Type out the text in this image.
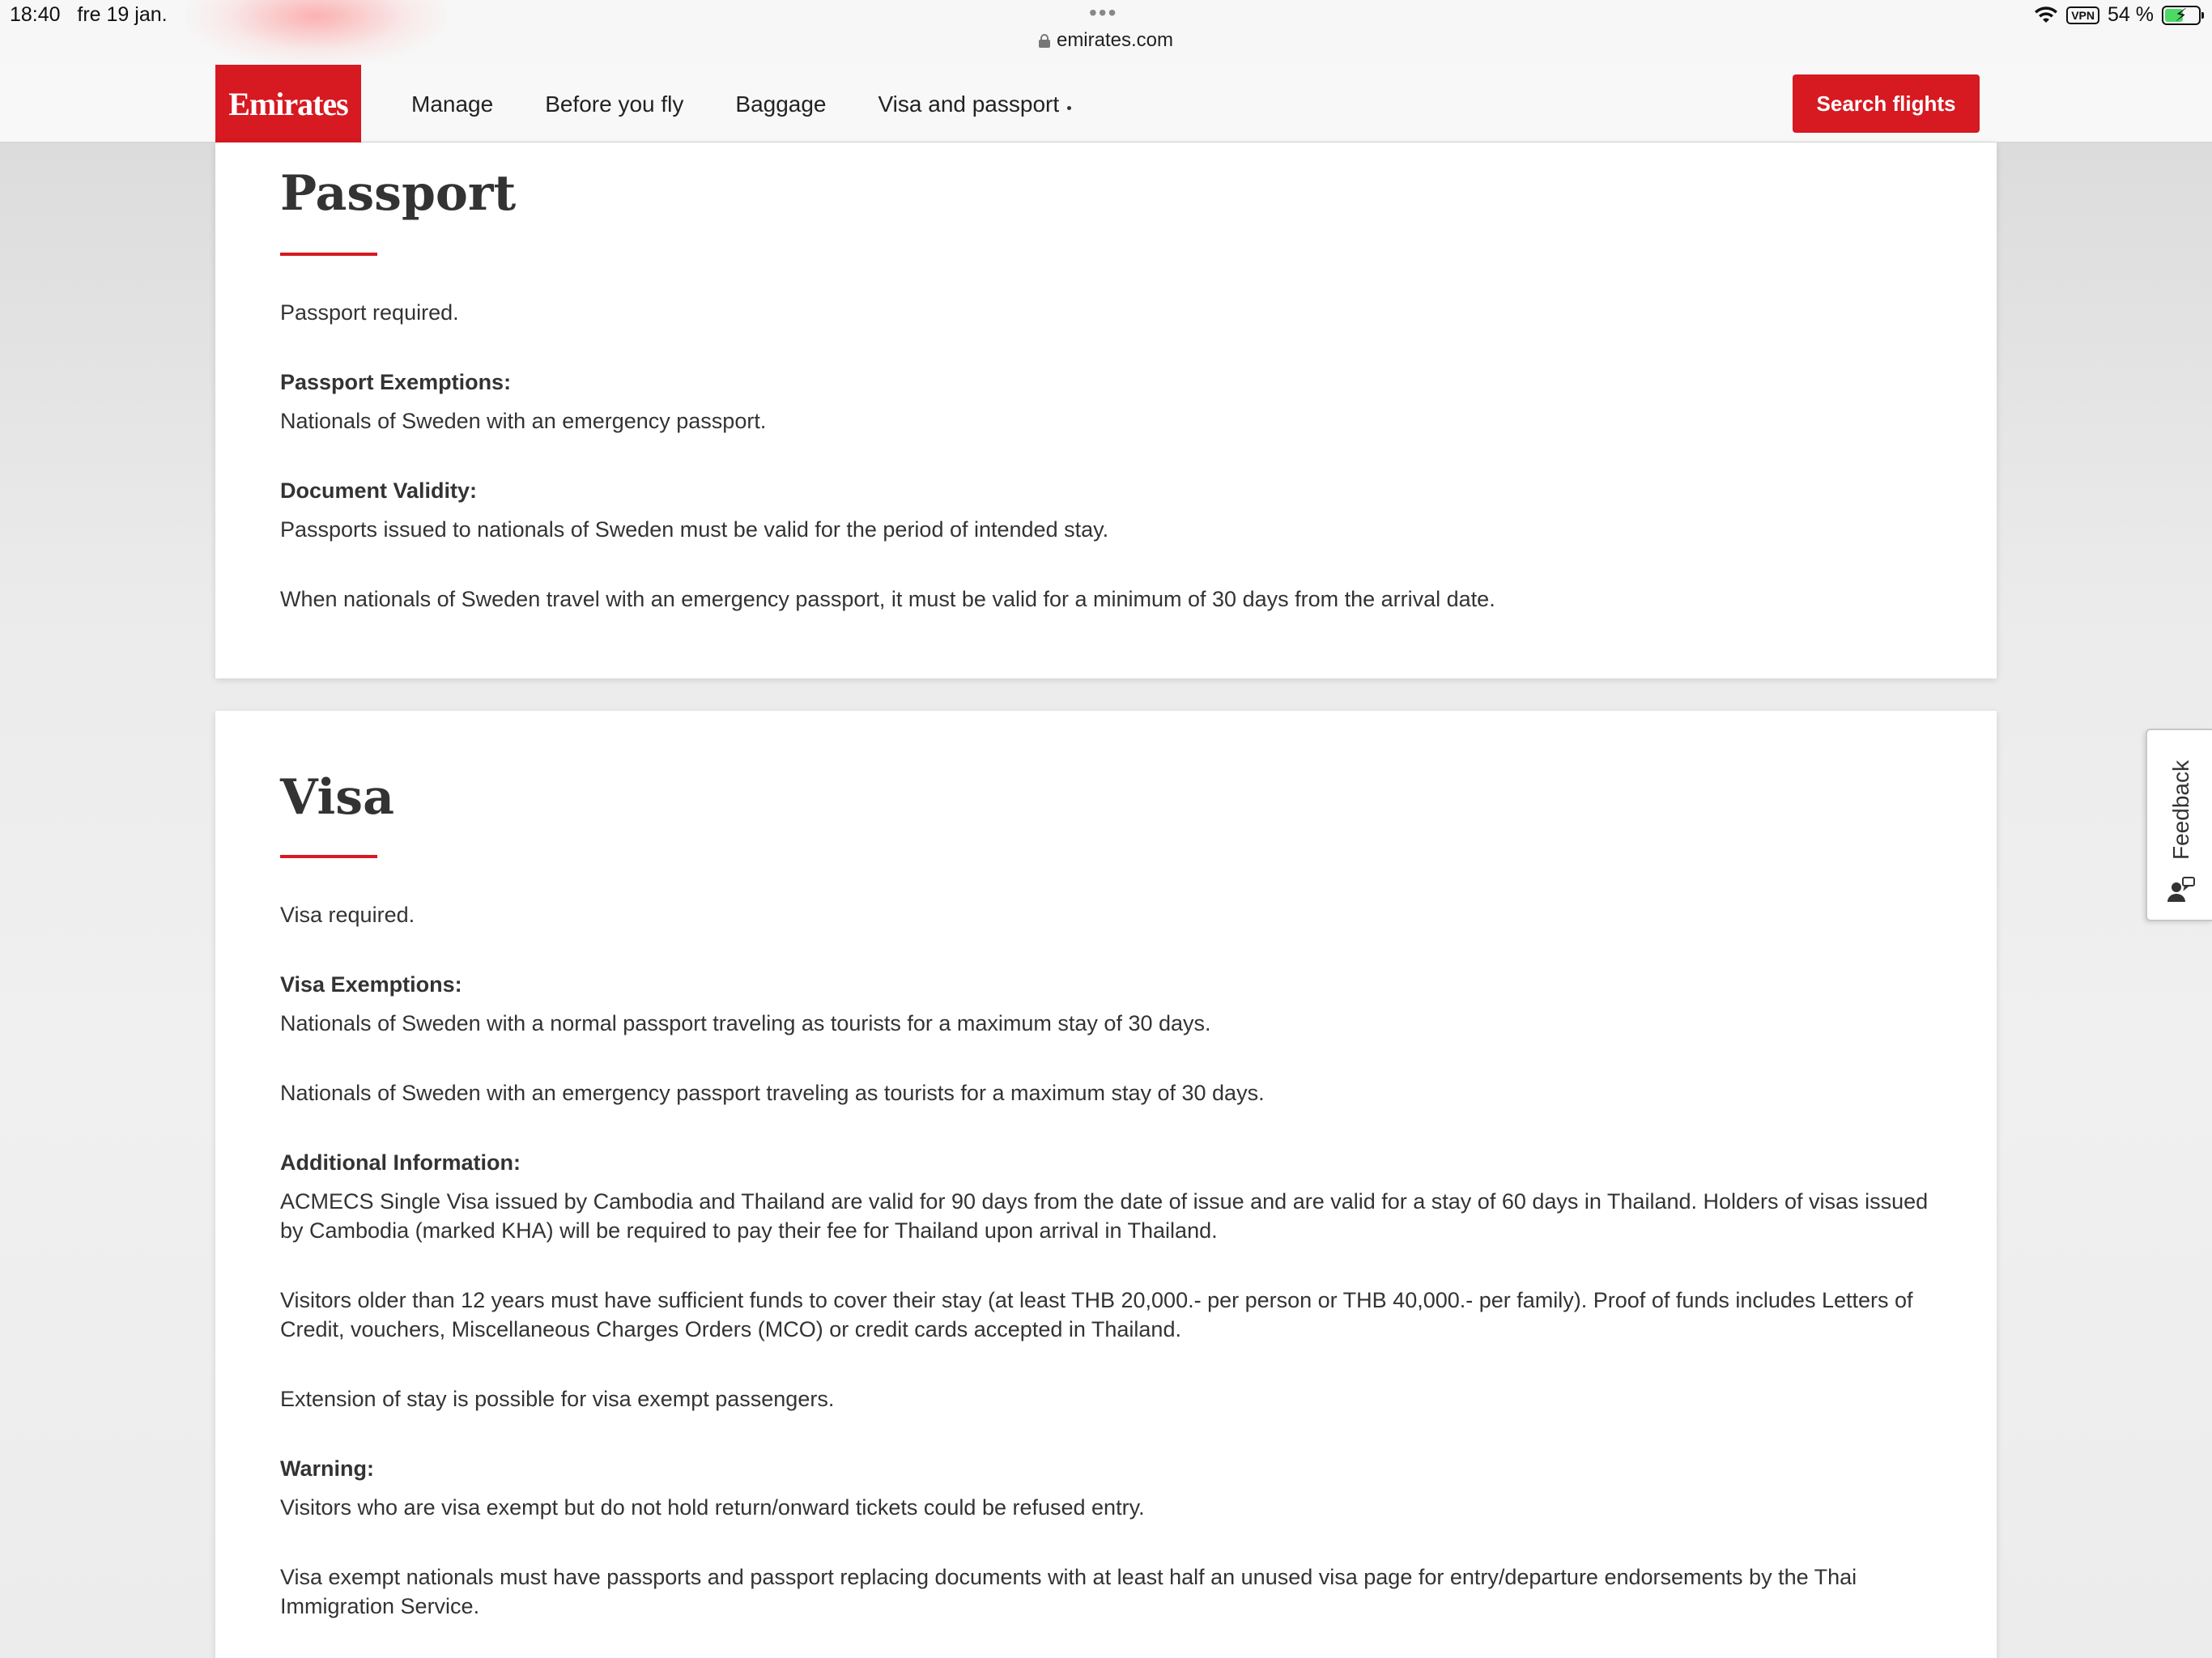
18:40 fre 19 jan.	•••
emirates.com
VPN 54 % ⚡
Emirates	Manage Before you fly Baggage Visa and passport	Search flights
Passport
Passport required.
Passport Exemptions:
Nationals of Sweden with an emergency passport.
Document Validity:
Passports issued to nationals of Sweden must be valid for the period of intended stay.
When nationals of Sweden travel with an emergency passport, it must be valid for a minimum of 30 days from the arrival date.
Visa
Visa required.
Visa Exemptions:
Nationals of Sweden with a normal passport traveling as tourists for a maximum stay of 30 days.
Nationals of Sweden with an emergency passport traveling as tourists for a maximum stay of 30 days.
Additional Information:
ACMECS Single Visa issued by Cambodia and Thailand are valid for 90 days from the date of issue and are valid for a stay of 60 days in Thailand. Holders of visas issued by Cambodia (marked KHA) will be required to pay their fee for Thailand upon arrival in Thailand.
Visitors older than 12 years must have sufficient funds to cover their stay (at least THB 20,000.- per person or THB 40,000.- per family). Proof of funds includes Letters of Credit, vouchers, Miscellaneous Charges Orders (MCO) or credit cards accepted in Thailand.
Extension of stay is possible for visa exempt passengers.
Warning:
Visitors who are visa exempt but do not hold return/onward tickets could be refused entry.
Visa exempt nationals must have passports and passport replacing documents with at least half an unused visa page for entry/departure endorsements by the Thai Immigration Service.
Feedback
